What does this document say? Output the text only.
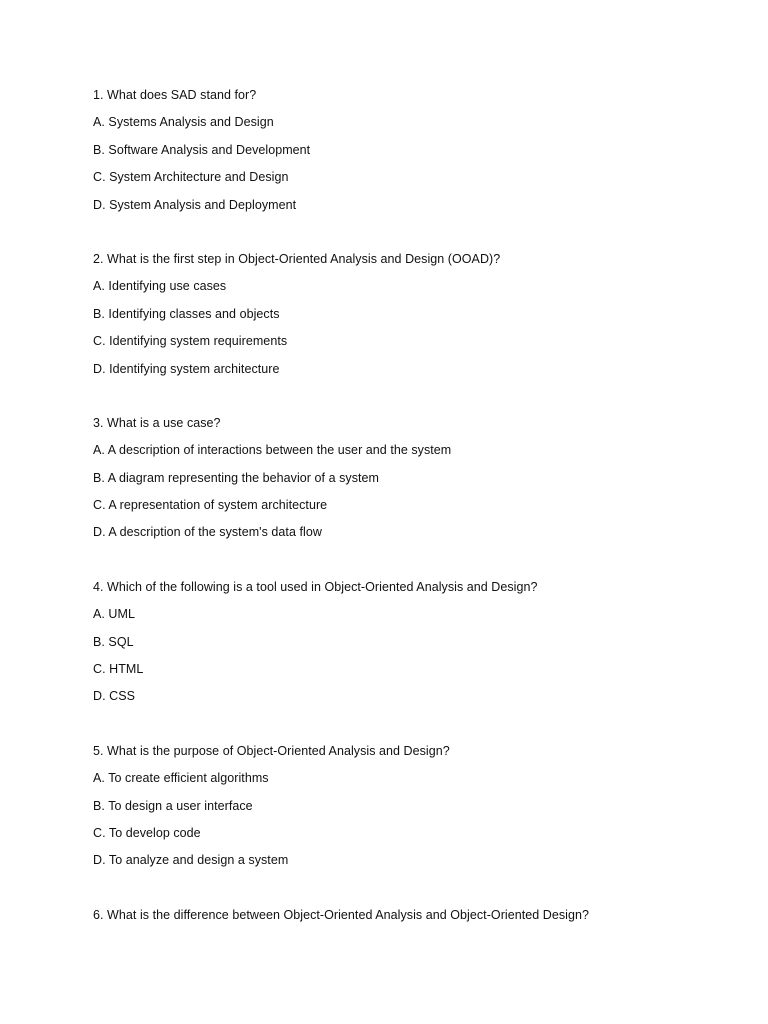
1. What does SAD stand for?
A. Systems Analysis and Design
B. Software Analysis and Development
C. System Architecture and Design
D. System Analysis and Deployment
2. What is the first step in Object-Oriented Analysis and Design (OOAD)?
A. Identifying use cases
B. Identifying classes and objects
C. Identifying system requirements
D. Identifying system architecture
3. What is a use case?
A. A description of interactions between the user and the system
B. A diagram representing the behavior of a system
C. A representation of system architecture
D. A description of the system's data flow
4. Which of the following is a tool used in Object-Oriented Analysis and Design?
A. UML
B. SQL
C. HTML
D. CSS
5. What is the purpose of Object-Oriented Analysis and Design?
A. To create efficient algorithms
B. To design a user interface
C. To develop code
D. To analyze and design a system
6. What is the difference between Object-Oriented Analysis and Object-Oriented Design?
